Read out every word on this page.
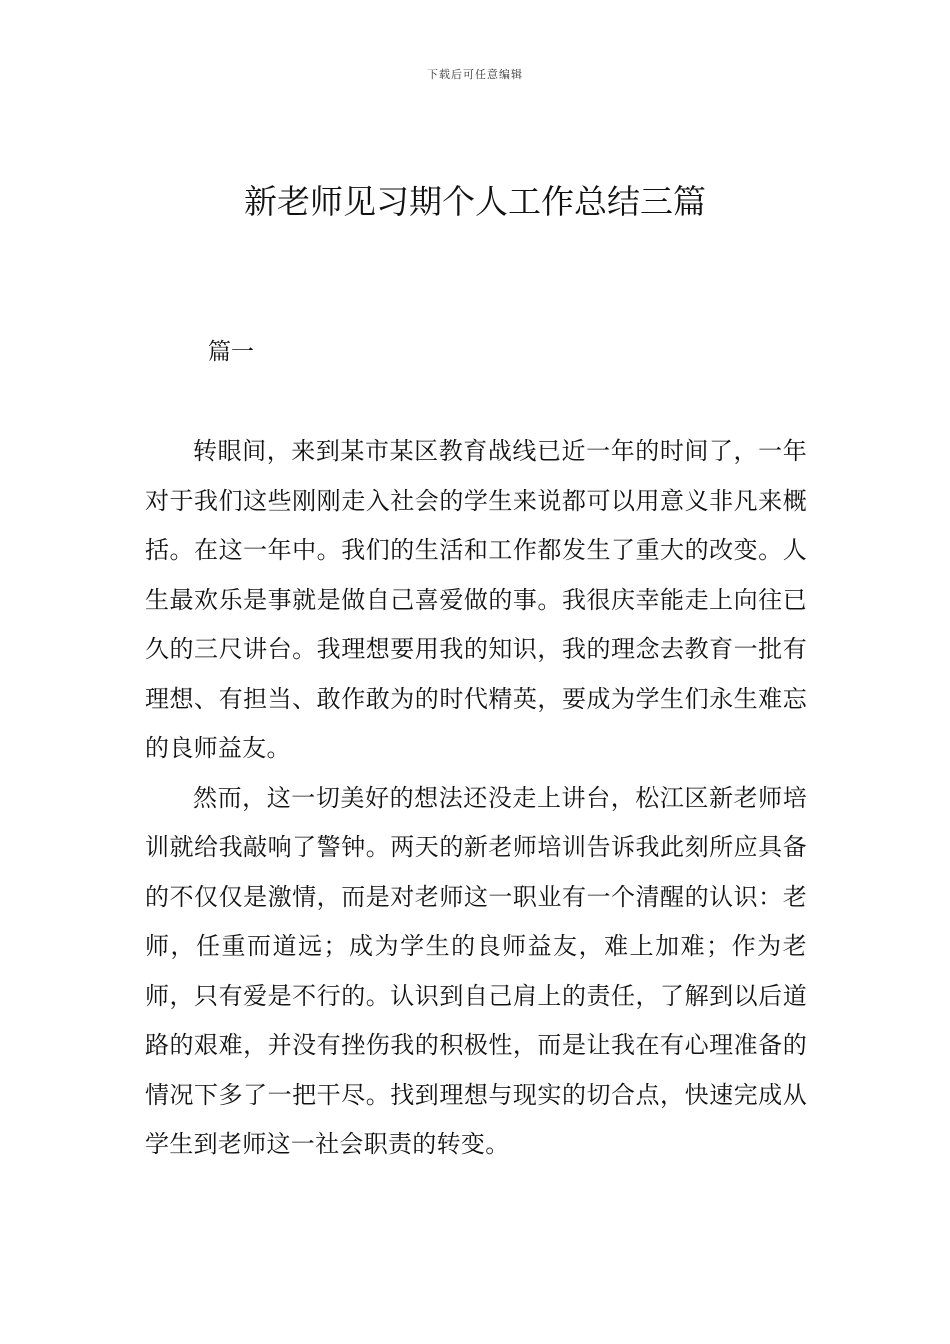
下载后可任意编辑
新老师见习期个人工作总结三篇
篇一

转眼间，来到某市某区教育战线已近一年的时间了，一年对于我们这些刚刚走入社会的学生来说都可以用意义非凡来概括。在这一年中。我们的生活和工作都发生了重大的改变。人生最欢乐是事就是做自己喜爱做的事。我很庆幸能走上向往已久的三尺讲台。我理想要用我的知识，我的理念去教育一批有理想、有担当、敢作敢为的时代精英，要成为学生们永生难忘的良师益友。

然而，这一切美好的想法还没走上讲台，松江区新老师培训就给我敲响了警钟。两天的新老师培训告诉我此刻所应具备的不仅仅是激情，而是对老师这一职业有一个清醒的认识：老师，任重而道远；成为学生的良师益友，难上加难；作为老师，只有爱是不行的。认识到自己肩上的责任，了解到以后道路的艰难，并没有挫伤我的积极性，而是让我在有心理准备的情况下多了一把干尽。找到理想与现实的切合点，快速完成从学生到老师这一社会职责的转变。
